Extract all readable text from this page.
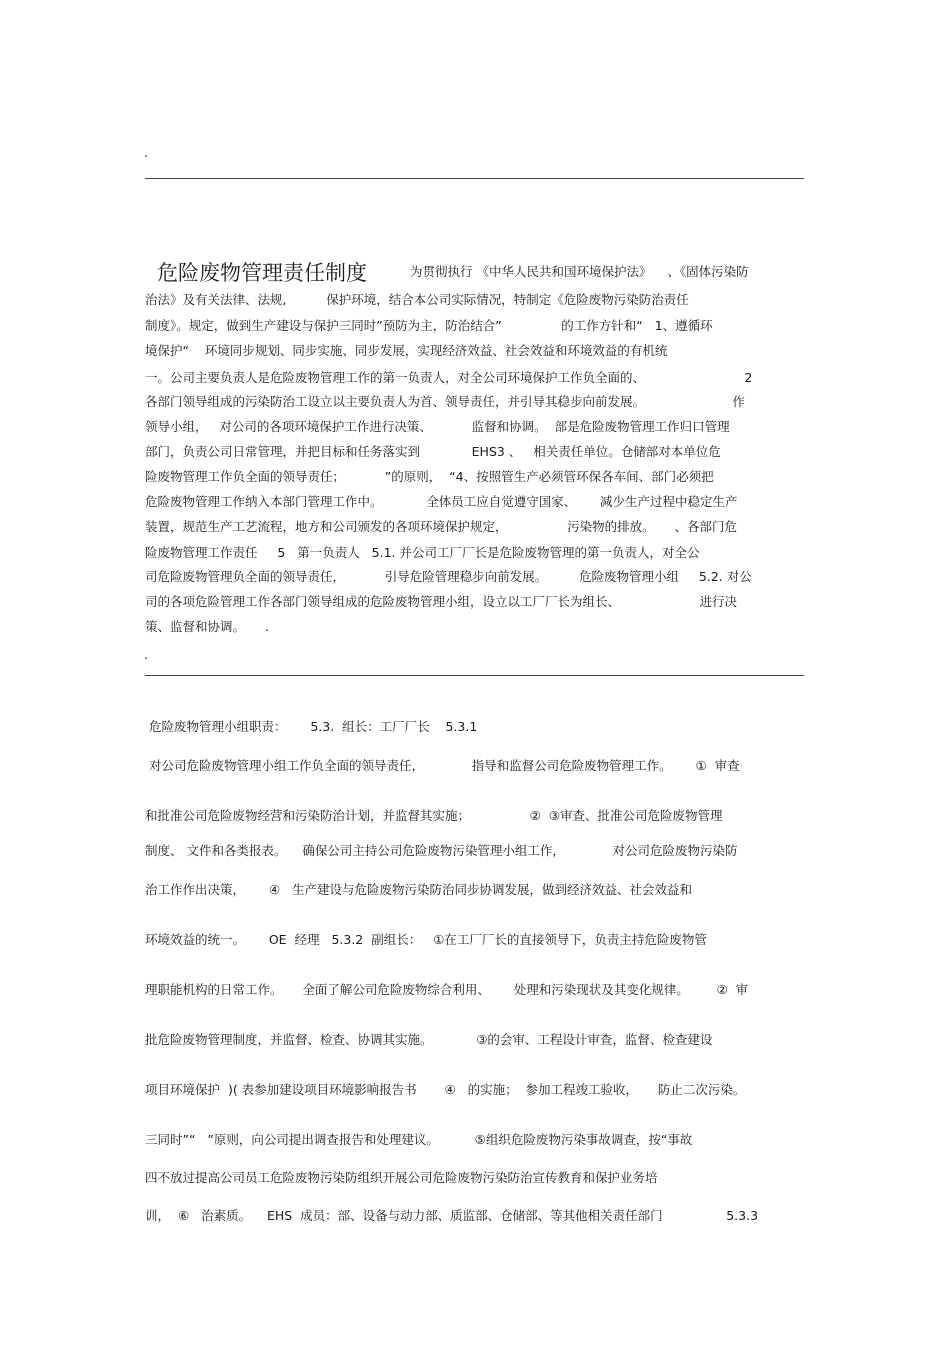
.
危险废物管理责任制度	为贯彻执行 《中华人民共和国环境保护法》    、《固体污染防
治法》及有关法律、法规,          保护环境，结合本公司实际情况，特制定《危险废物污染防治责任
制度》。规定，做到生产建设与保护三同时”预防为主，防治结合”               的工作方针和“   1、遵循环
境保护“    环境同步规划、同步实施、同步发展，实现经济效益、社会效益和环境效益的有机统
一。公司主要负责人是危险废物管理工作的第一负责人，对全公司环境保护工作负全面的、                         2
各部门领导组成的污染防治工设立以主要负责人为首、领导责任，并引导其稳步向前发展。                      作
领导小组，   对公司的各项环境保护工作进行决策、          监督和协调。  部是危险废物管理工作归口管理
部门，负责公司日常管理，并把目标和任务落实到             EHS3 、   相关责任单位。仓储部对本单位危
险废物管理工作负全面的领导责任；          ”的原则，  “4、按照管生产必须管环保各车间、部门必须把
危险废物管理工作纳入本部门管理工作中。           全体员工应自觉遵守国家、      减少生产过程中稳定生产
装置，规范生产工艺流程，地方和公司颁发的各项环境保护规定，               污染物的排放。     、各部门危
险废物管理工作责任     5   第一负责人   5.1. 并公司工厂厂长是危险废物管理的第一负责人，对全公
司危险废物管理负全面的领导责任，          引导危险管理稳步向前发展。        危险废物管理小组     5.2. 对公
司的各项危险管理工作各部门领导组成的危险废物管理小组，设立以工厂厂长为组长、                    进行决
策、监督和协调。     .
.
危险废物管理小组职责：      5.3.  组长：工厂厂长    5.3.1
对公司危险废物管理小组工作负全面的领导责任，            指导和监督公司危险废物管理工作。      ①  审查
和批准公司危险废物经营和污染防治计划，并监督其实施；               ②  ③审查、批准公司危险废物管理
制度、 文件和各类报表。    确保公司主持公司危险废物污染管理小组工作，            对公司危险废物污染防
治工作作出决策，      ④   生产建设与危险废物污染防治同步协调发展，做到经济效益、社会效益和
环境效益的统一。      OE  经理   5.3.2  副组长：   ①在工厂厂长的直接领导下，负责主持危险废物管
理职能机构的日常工作。     全面了解公司危险废物综合利用、      处理和污染现状及其变化规律。       ②  审
批危险废物管理制度，并监督、检查、协调其实施。           ③的会审、工程设计审查，监督、检查建设
项目环境保护  )( 表参加建设项目环境影响报告书       ④   的实施；  参加工程竣工验收，     防止二次污染。
三同时”“   ”原则，向公司提出调查报告和处理建议。         ⑤组织危险废物污染事故调查，按“事故
四不放过提高公司员工危险废物污染防组织开展公司危险废物污染防治宣传教育和保护业务培
训，  ⑥   治素质。    EHS  成员：部、设备与动力部、质监部、仓储部、等其他相关责任部门                5.3.3
